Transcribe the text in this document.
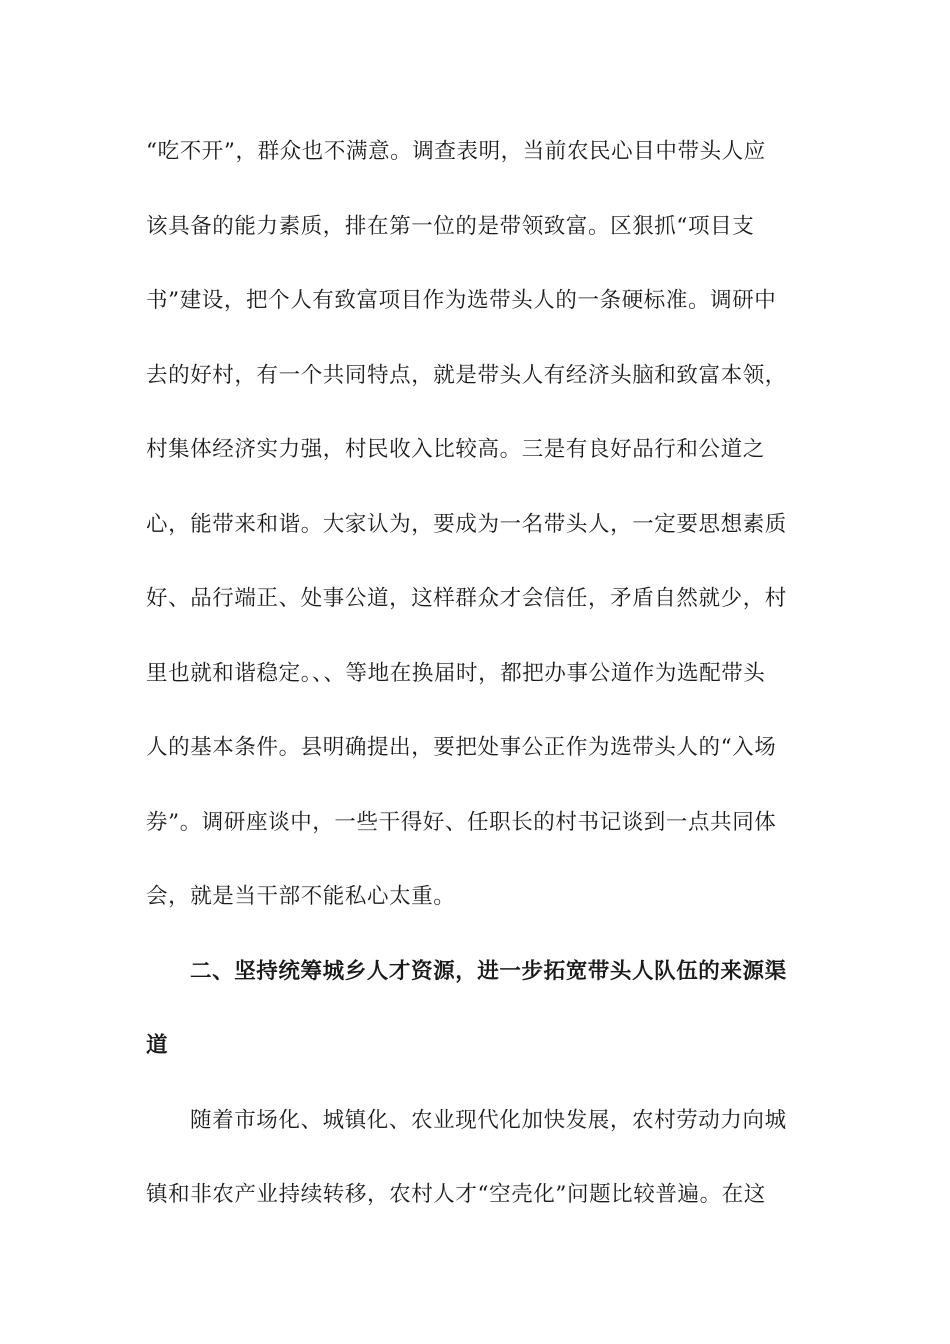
“吃不开”，群众也不满意。调查表明，当前农民心目中带头人应
该具备的能力素质，排在第一位的是带领致富。区狠抓“项目支
书”建设，把个人有致富项目作为选带头人的一条硬标准。调研中
去的好村，有一个共同特点，就是带头人有经济头脑和致富本领，
村集体经济实力强，村民收入比较高。三是有良好品行和公道之
心，能带来和谐。大家认为，要成为一名带头人，一定要思想素质
好、品行端正、处事公道，这样群众才会信任，矛盾自然就少，村
里也就和谐稳定。、、等地在换届时，都把办事公道作为选配带头
人的基本条件。县明确提出，要把处事公正作为选带头人的“入场
券”。调研座谈中，一些干得好、任职长的村书记谈到一点共同体
会，就是当干部不能私心太重。
二、坚持统筹城乡人才资源，进一步拓宽带头人队伍的来源渠
道
随着市场化、城镇化、农业现代化加快发展，农村劳动力向城
镇和非农产业持续转移，农村人才“空壳化”问题比较普遍。在这
